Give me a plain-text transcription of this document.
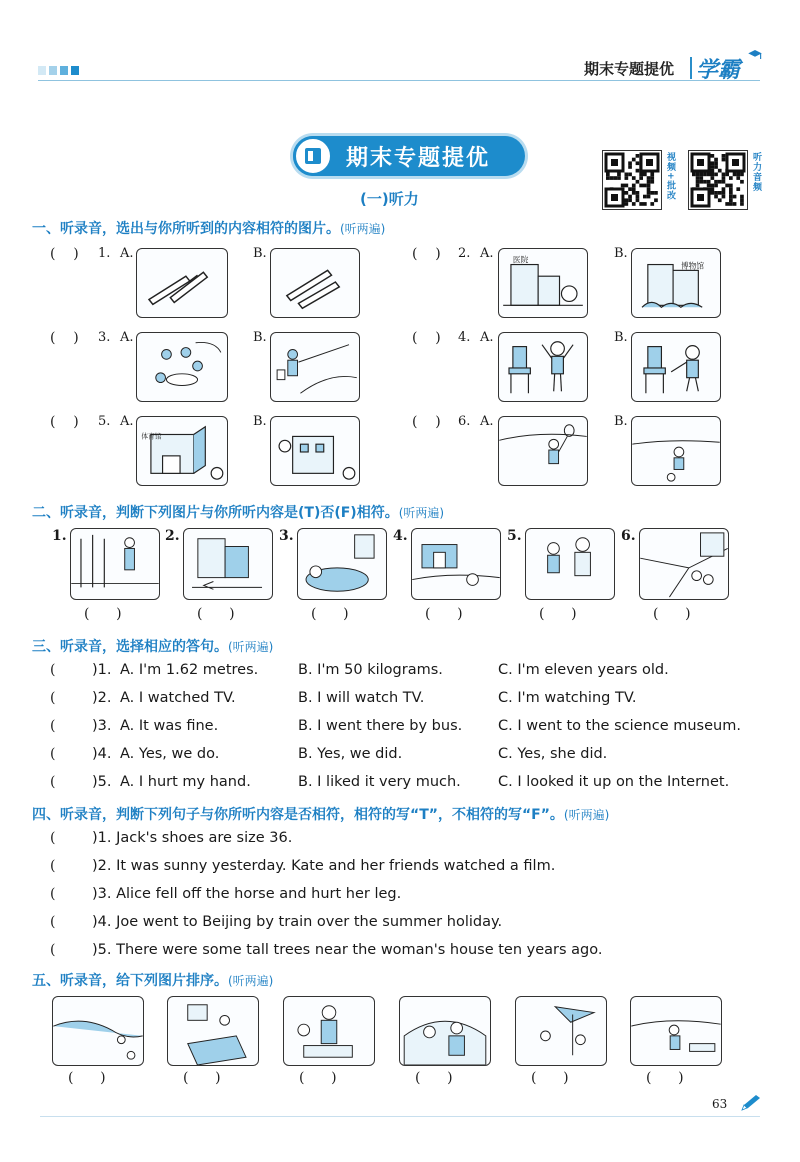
期末专题提优 学霸
期末专题提优
(一)听力	视频+批改	听力音频
一、听录音，选出与你所听到的内容相符的图片。(听两遍)
(    ) 1. A.	B.	(    ) 2. A. 医院	B.
博物馆
(    ) 3. A.	B.	(    ) 4. A.	B.
(    ) 5. A.
体育馆
B.	(    ) 6. A.	B.
二、听录音，判断下列图片与你所听内容是(T)否(F)相符。(听两遍)
1.
(      )
2.
(      )
3.
(      )
4.
(      )
5.
(      )
6.
(      )
三、听录音，选择相应的答句。(听两遍)
(	)1. A. I'm 1.62 metres.	B. I'm 50 kilograms.	C. I'm eleven years old.
(	)2. A. I watched TV.	B. I will watch TV.	C. I'm watching TV.
(	)3. A. It was fine.	B. I went there by bus. C. I went to the science museum.
(	)4. A. Yes, we do.	B. Yes, we did.	C. Yes, she did.
(	)5. A. I hurt my hand.	B. I liked it very much.	C. I looked it up on the Internet.
四、听录音，判断下列句子与你所听内容是否相符，相符的写“T”，不相符的写“F”。(听两遍)
(	)1. Jack's shoes are size 36.
(	)2. It was sunny yesterday. Kate and her friends watched a film.
(	)3. Alice fell off the horse and hurt her leg.
(	)4. Joe went to Beijing by train over the summer holiday.
(	)5. There were some tall trees near the woman's house ten years ago.
五、听录音，给下列图片排序。(听两遍)
(      )	(      )	(      )	(      )	(      )	(      )
63
